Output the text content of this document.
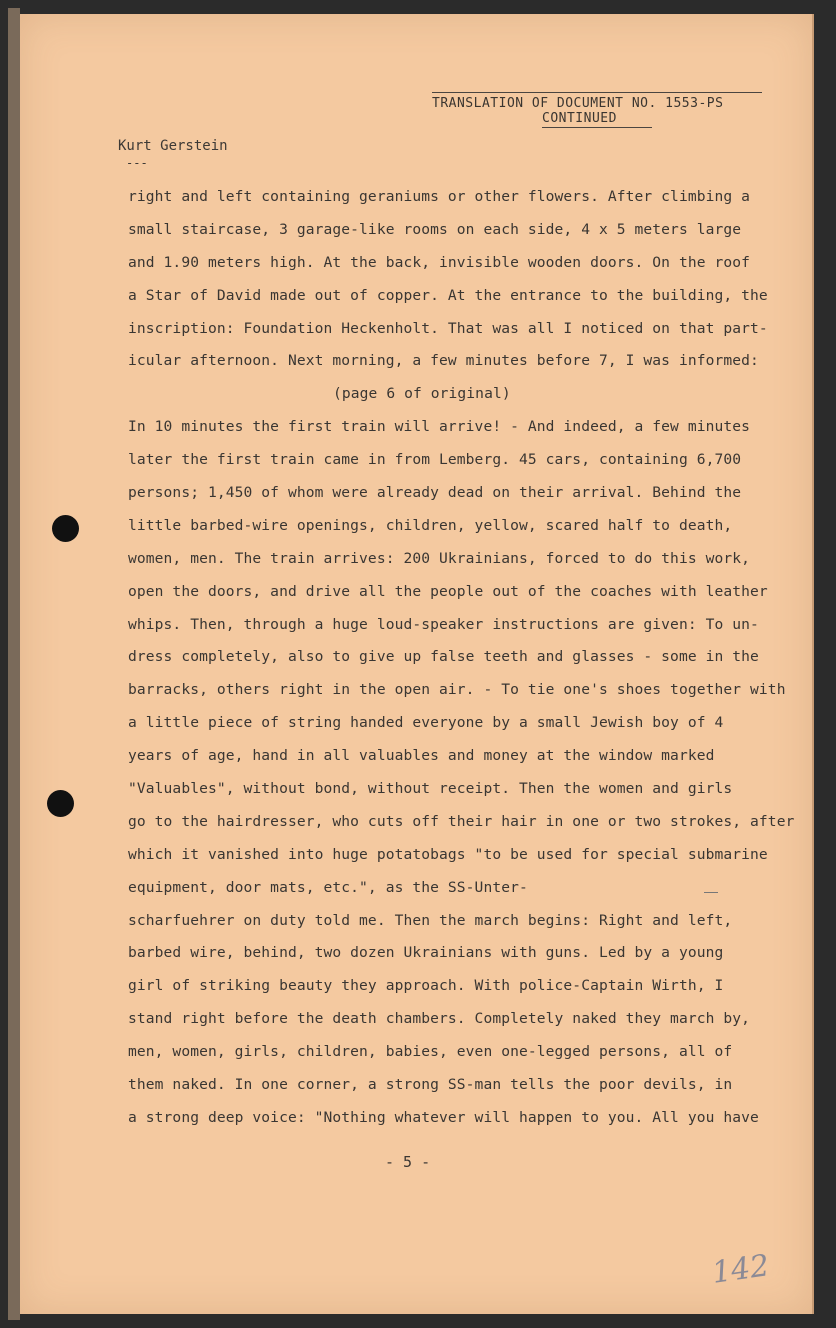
TRANSLATION OF DOCUMENT NO. 1553-PS
CONTINUED
Kurt Gerstein
---
right and left containing geraniums or other flowers. After climbing a
small staircase, 3 garage-like rooms on each side, 4 x 5 meters large
and 1.90 meters high. At the back, invisible wooden doors. On the roof
a Star of David made out of copper. At the entrance to the building, the
inscription: Foundation Heckenholt. That was all I noticed on that part-
icular afternoon. Next morning, a few minutes before 7, I was informed:
(page 6 of original)
In 10 minutes the first train will arrive! - And indeed, a few minutes
later the first train came in from Lemberg. 45 cars, containing 6,700
persons; 1,450 of whom were already dead on their arrival. Behind the
little barbed-wire openings, children, yellow, scared half to death,
women, men. The train arrives: 200 Ukrainians, forced to do this work,
open the doors, and drive all the people out of the coaches with leather
whips. Then, through a huge loud-speaker instructions are given: To un-
dress completely, also to give up false teeth and glasses - some in the
barracks, others right in the open air. - To tie one's shoes together with
a little piece of string handed everyone by a small Jewish boy of 4
years of age, hand in all valuables and money at the window marked
"Valuables", without bond, without receipt. Then the women and girls
go to the hairdresser, who cuts off their hair in one or two strokes, after
which it vanished into huge potatobags "to be used for special submarine
equipment, door mats, etc.", as the SS-Unter-
scharfuehrer on duty told me. Then the march begins: Right and left,
barbed wire, behind, two dozen Ukrainians with guns. Led by a young
girl of striking beauty they approach. With police-Captain Wirth, I
stand right before the death chambers. Completely naked they march by,
men, women, girls, children, babies, even one-legged persons, all of
them naked. In one corner, a strong SS-man tells the poor devils, in
a strong deep voice: "Nothing whatever will happen to you. All you have
- 5 -
142
